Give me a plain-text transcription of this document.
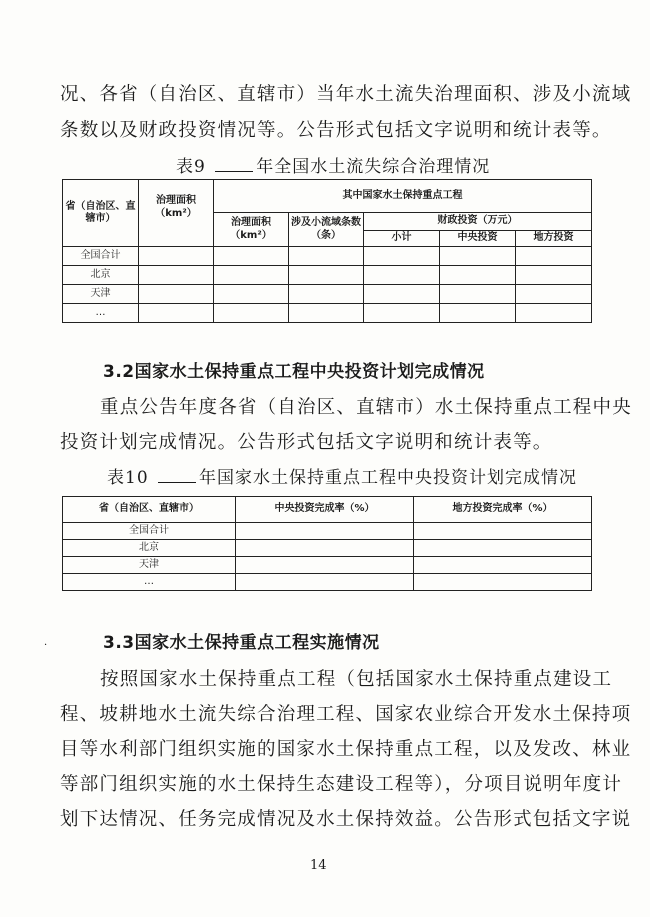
况、各省（自治区、直辖市）当年水土流失治理面积、涉及小流域
条数以及财政投资情况等。公告形式包括文字说明和统计表等。
表9	年全国水土流失综合治理情况
省（自治区、直辖市）	治理面积（km²）	其中国家水土保持重点工程				
		治理面积（km²）	涉及小流域条数（条）	财政投资（万元）		
				小计	中央投资	地方投资
全国合计						
北京						
天津						
…						
3.2国家水土保持重点工程中央投资计划完成情况
重点公告年度各省（自治区、直辖市）水土保持重点工程中央
投资计划完成情况。公告形式包括文字说明和统计表等。
表10	年国家水土保持重点工程中央投资计划完成情况
省（自治区、直辖市）	中央投资完成率（%）	地方投资完成率（%）
全国合计		
北京		
天津		
…		
·	3.3国家水土保持重点工程实施情况
按照国家水土保持重点工程（包括国家水土保持重点建设工
程、坡耕地水土流失综合治理工程、国家农业综合开发水土保持项
目等水利部门组织实施的国家水土保持重点工程，以及发改、林业
等部门组织实施的水土保持生态建设工程等），分项目说明年度计
划下达情况、任务完成情况及水土保持效益。公告形式包括文字说
14
